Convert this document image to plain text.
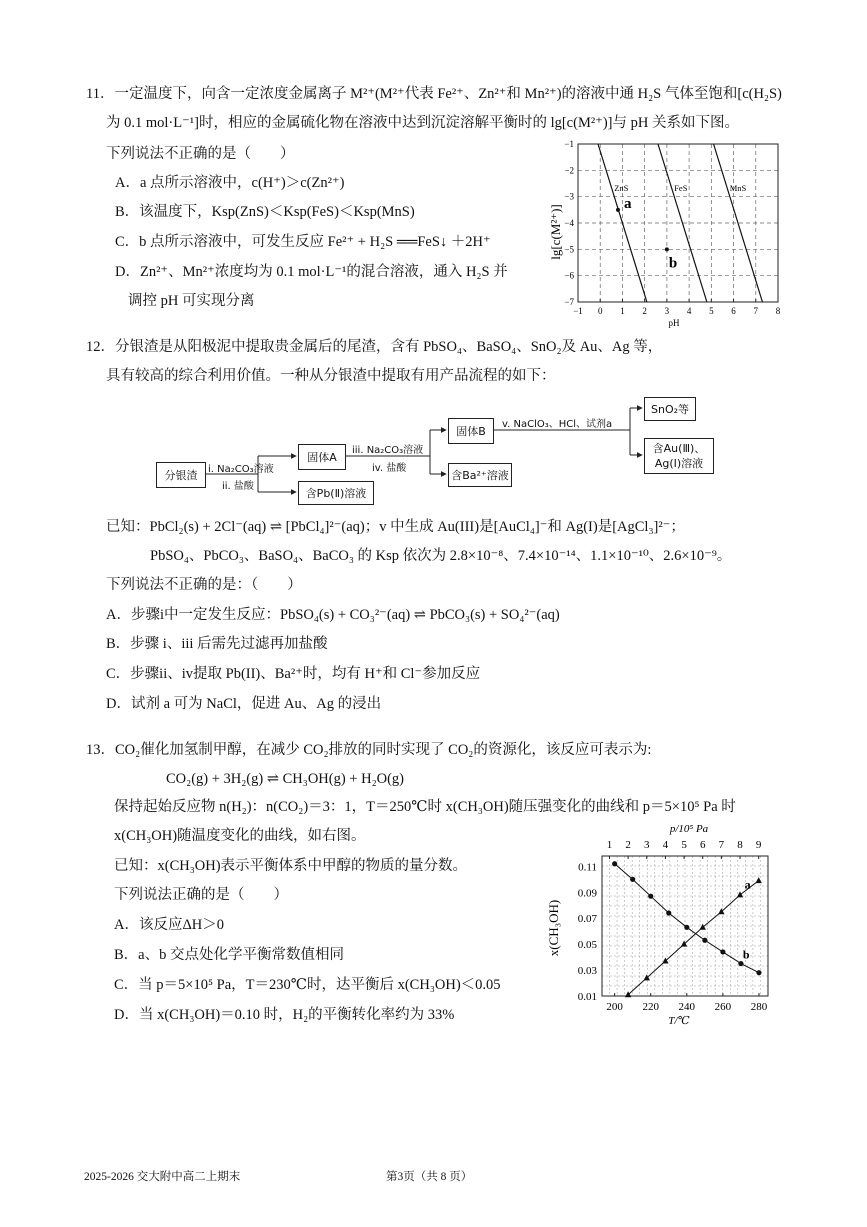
11．一定温度下，向含一定浓度金属离子 M²⁺(M²⁺代表 Fe²⁺、Zn²⁺和 Mn²⁺)的溶液中通 H₂S 气体至饱和[c(H₂S)
为 0.1 mol·L⁻¹]时，相应的金属硫化物在溶液中达到沉淀溶解平衡时的 lg[c(M²⁺)]与 pH 关系如下图。
下列说法不正确的是（　　）
A．a 点所示溶液中，c(H⁺)＞c(Zn²⁺)
B．该温度下，Ksp(ZnS)＜Ksp(FeS)＜Ksp(MnS)
C．b 点所示溶液中，可发生反应 Fe²⁺ + H₂S ══FeS↓ ＋2H⁺
D．Zn²⁺、Mn²⁺浓度均为 0.1 mol·L⁻¹的混合溶液，通入 H₂S 并
调控 pH 可实现分离
lg[c(M²⁺)]
−1 0 1 2 3 4 5 6 7 8
−1
−2
−3
−4
−5
−6
−7
pH
ZnS	FeS	MnS
a
b
12．分银渣是从阳极泥中提取贵金属后的尾渣，含有 PbSO₄、BaSO₄、SnO₂及 Au、Ag 等，
具有较高的综合利用价值。一种从分银渣中提取有用产品流程的如下：
分银渣	i. Na₂CO₃溶液
ii. 盐酸
固体A
含Pb(Ⅱ)溶液
iii. Na₂CO₃溶液
iv. 盐酸
固体B
含Ba²⁺溶液
v. NaClO₃、HCl、试剂a
SnO₂等
含Au(Ⅲ)、
Ag(Ⅰ)溶液
已知：PbCl₂(s) + 2Cl⁻(aq) ⇌ [PbCl₄]²⁻(aq)；v 中生成 Au(III)是[AuCl₄]⁻和 Ag(I)是[AgCl₃]²⁻；
PbSO₄、PbCO₃、BaSO₄、BaCO₃ 的 Ksp 依次为 2.8×10⁻⁸、7.4×10⁻¹⁴、1.1×10⁻¹⁰、2.6×10⁻⁹。
下列说法不正确的是：（　　）
A．步骤i中一定发生反应：PbSO₄(s) + CO₃²⁻(aq) ⇌ PbCO₃(s) + SO₄²⁻(aq)
B．步骤 i、iii 后需先过滤再加盐酸
C．步骤ii、iv提取 Pb(II)、Ba²⁺时，均有 H⁺和 Cl⁻参加反应
D．试剂 a 可为 NaCl，促进 Au、Ag 的浸出
13．CO₂催化加氢制甲醇，在减少 CO₂排放的同时实现了 CO₂的资源化，该反应可表示为:
CO₂(g) + 3H₂(g) ⇌ CH₃OH(g) + H₂O(g)
保持起始反应物 n(H₂)：n(CO₂)＝3：1，T＝250℃时 x(CH₃OH)随压强变化的曲线和 p＝5×10⁵ Pa 时
x(CH₃OH)随温度变化的曲线，如右图。
已知：x(CH₃OH)表示平衡体系中甲醇的物质的量分数。
下列说法正确的是（　　）
A．该反应ΔH＞0
B．a、b 交点处化学平衡常数值相同
C．当 p＝5×10⁵ Pa，T＝230℃时，达平衡后 x(CH₃OH)＜0.05
D．当 x(CH₃OH)＝0.10 时，H₂的平衡转化率约为 33%
x(CH₃OH)
p/10⁵ Pa
1 2 3 4 5 6 7 8 9
200 220 240 260 280
T/℃
0.11
0.09
0.07
0.05
0.03
0.01
a
b
2025-2026 交大附中高二上期末	第3页（共 8 页）
